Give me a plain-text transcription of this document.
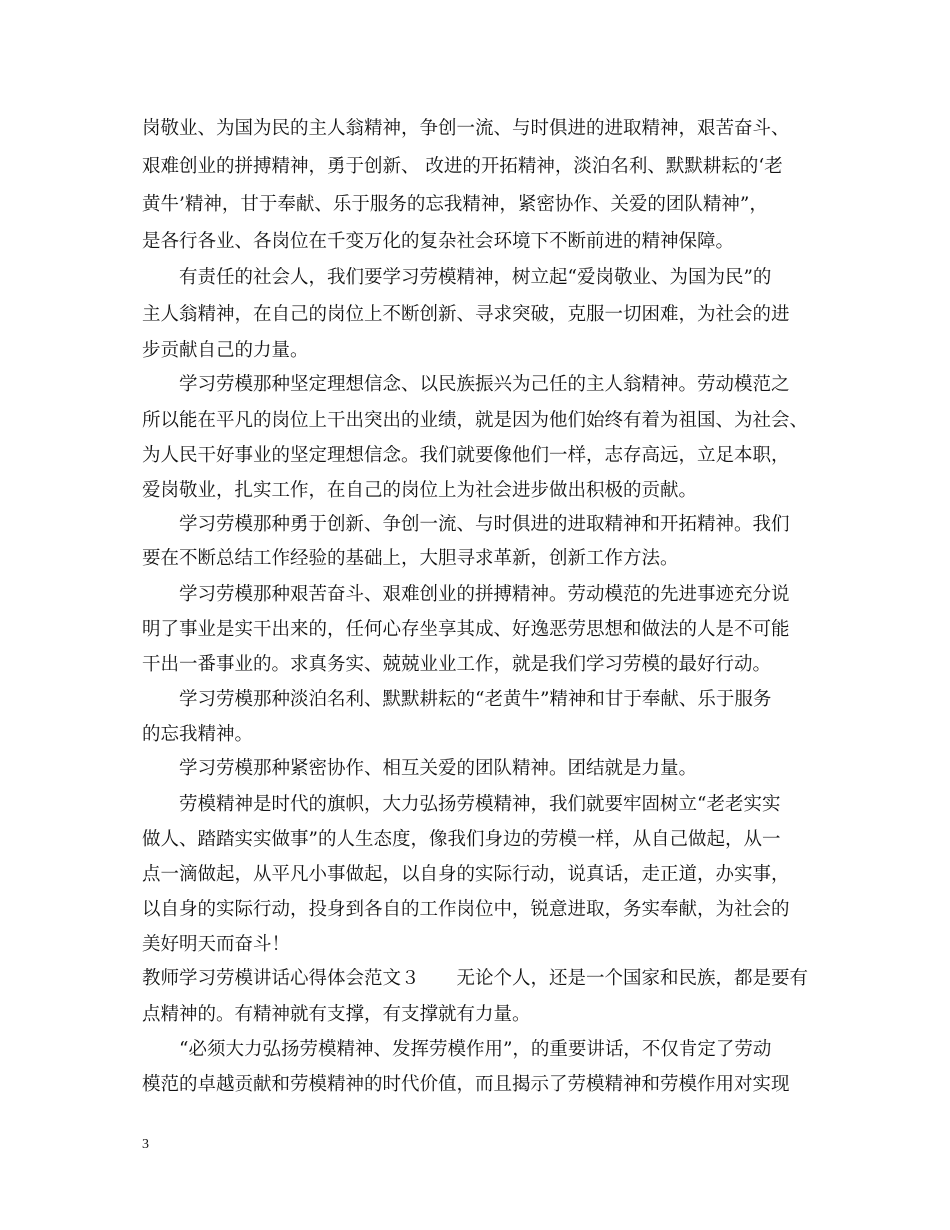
岗敬业、为国为民的主人翁精神，争创一流、与时俱进的进取精神，艰苦奋斗、
艰难创业的拼搏精神，勇于创新、 改进的开拓精神，淡泊名利、默默耕耘的‘老
黄牛’精神，甘于奉献、乐于服务的忘我精神，紧密协作、关爱的团队精神”，
是各行各业、各岗位在千变万化的复杂社会环境下不断前进的精神保障。
有责任的社会人，我们要学习劳模精神，树立起“爱岗敬业、为国为民”的
主人翁精神，在自己的岗位上不断创新、寻求突破，克服一切困难，为社会的进
步贡献自己的力量。
学习劳模那种坚定理想信念、以民族振兴为己任的主人翁精神。劳动模范之
所以能在平凡的岗位上干出突出的业绩，就是因为他们始终有着为祖国、为社会、
为人民干好事业的坚定理想信念。我们就要像他们一样，志存高远，立足本职，
爱岗敬业，扎实工作，在自己的岗位上为社会进步做出积极的贡献。
学习劳模那种勇于创新、争创一流、与时俱进的进取精神和开拓精神。我们
要在不断总结工作经验的基础上，大胆寻求革新，创新工作方法。
学习劳模那种艰苦奋斗、艰难创业的拼搏精神。劳动模范的先进事迹充分说
明了事业是实干出来的，任何心存坐享其成、好逸恶劳思想和做法的人是不可能
干出一番事业的。求真务实、兢兢业业工作，就是我们学习劳模的最好行动。
学习劳模那种淡泊名利、默默耕耘的“老黄牛”精神和甘于奉献、乐于服务
的忘我精神。
学习劳模那种紧密协作、相互关爱的团队精神。团结就是力量。
劳模精神是时代的旗帜，大力弘扬劳模精神，我们就要牢固树立“老老实实
做人、踏踏实实做事”的人生态度，像我们身边的劳模一样，从自己做起，从一
点一滴做起，从平凡小事做起，以自身的实际行动，说真话，走正道，办实事，
以自身的实际行动，投身到各自的工作岗位中，锐意进取，务实奉献，为社会的
美好明天而奋斗！
教师学习劳模讲话心得体会范文３　　无论个人，还是一个国家和民族，都是要有
点精神的。有精神就有支撑，有支撑就有力量。
“必须大力弘扬劳模精神、发挥劳模作用”，的重要讲话，不仅肯定了劳动
模范的卓越贡献和劳模精神的时代价值，而且揭示了劳模精神和劳模作用对实现
3
